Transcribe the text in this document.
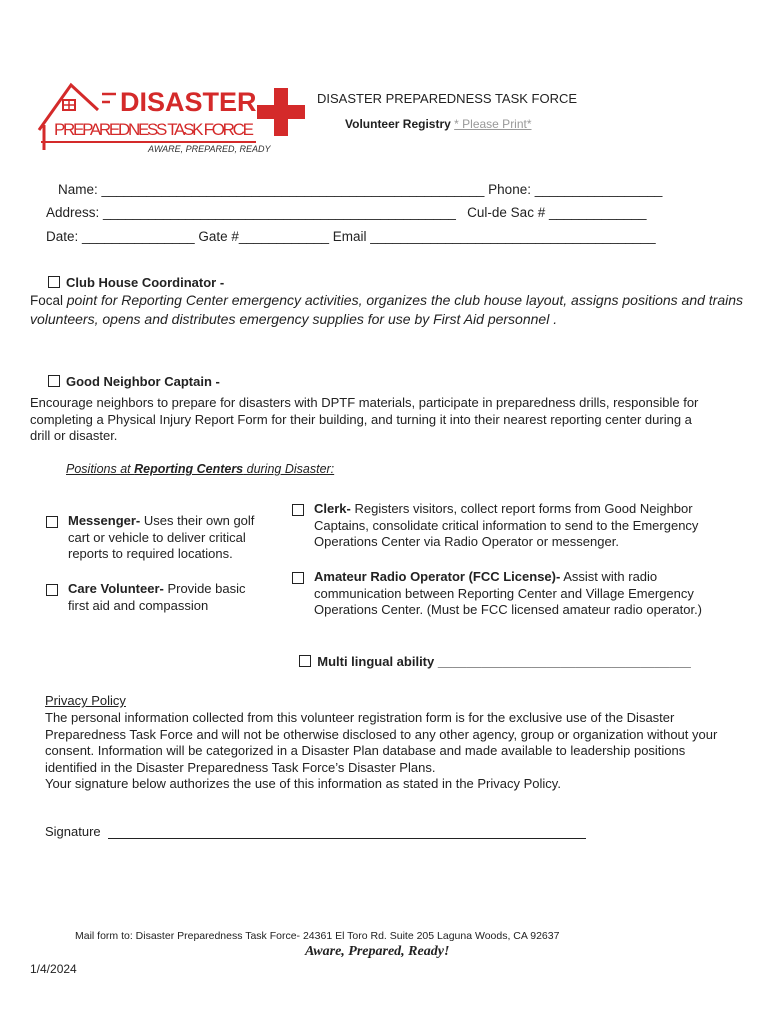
DISASTER
PREPAREDNESS TASK FORCE
AWARE, PREPARED, READY
DISASTER PREPAREDNESS TASK FORCE
Volunteer Registry * Please Print*
Name: ___________________________________________________ Phone: _________________
Address: _______________________________________________   Cul-de Sac # _____________
Date: _______________ Gate #____________ Email ______________________________________
Club House Coordinator -
Focal point for Reporting Center emergency activities, organizes the club house layout, assigns positions and trains volunteers, opens and distributes emergency supplies for use by First Aid personnel .
Good Neighbor Captain -
Encourage neighbors to prepare for disasters with DPTF materials, participate in preparedness drills, responsible for completing a Physical Injury Report Form for their building, and turning it into their nearest reporting center during a drill or disaster.
Positions at Reporting Centers during Disaster:
Messenger- Uses their own golf cart or vehicle to deliver critical reports to required locations.
Care Volunteer- Provide basic first aid and compassion
Clerk- Registers visitors, collect report forms from Good Neighbor Captains, consolidate critical information to send to the Emergency Operations Center via Radio Operator or messenger.
Amateur Radio Operator (FCC License)- Assist with radio communication between Reporting Center and Village Emergency Operations Center. (Must be FCC licensed amateur radio operator.)

Multi lingual ability ___________________________________

Privacy Policy
The personal information collected from this volunteer registration form is for the exclusive use of the Disaster Preparedness Task Force and will not be otherwise disclosed to any other agency, group or organization without your consent. Information will be categorized in a Disaster Plan database and made available to leadership positions identified in the Disaster Preparedness Task Force’s Disaster Plans.
Your signature below authorizes the use of this information as stated in the Privacy Policy.
Signature
Mail form to: Disaster Preparedness Task Force- 24361 El Toro Rd. Suite 205 Laguna Woods, CA 92637
Aware, Prepared, Ready!
1/4/2024
